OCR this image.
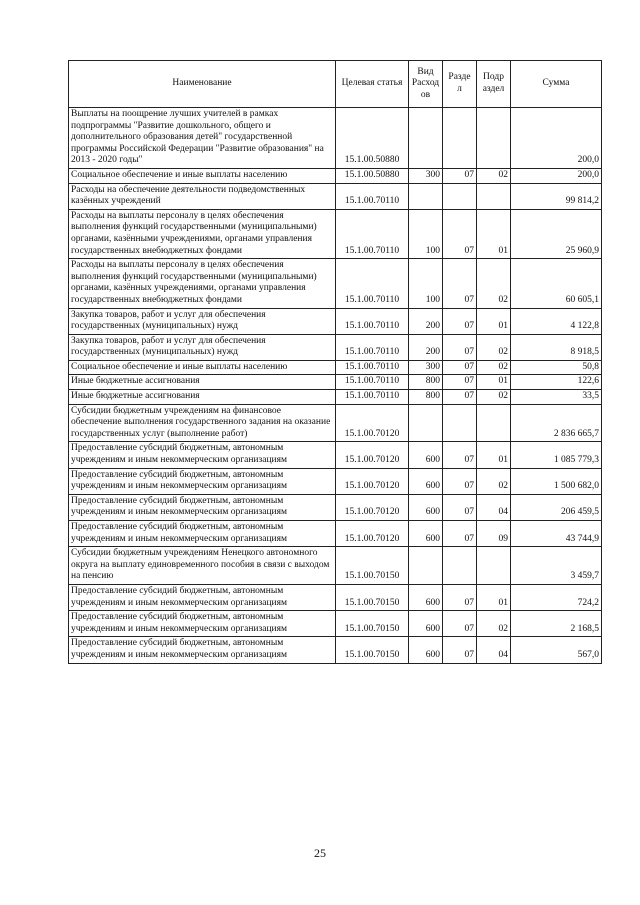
Наименование	Целевая статья	Вид Расход ов	Разде л	Подр аздел	Сумма
Выплаты на поощрение лучших учителей в рамках подпрограммы "Развитие дошкольного, общего и дополнительного образования детей" государственной программы Российской Федерации "Развитие образования" на 2013 - 2020 годы"	15.1.00.50880				200,0
Социальное обеспечение и иные выплаты населению	15.1.00.50880	300	07	02	200,0
Расходы на обеспечение деятельности подведомственных казённых учреждений	15.1.00.70110				99 814,2
Расходы на выплаты персоналу в целях обеспечения выполнения функций государственными (муниципальными) органами, казёнными учреждениями, органами управления государственных внебюджетных фондами	15.1.00.70110	100	07	01	25 960,9
Расходы на выплаты персоналу в целях обеспечения выполнения функций государственными (муниципальными) органами, казённых учреждениями, органами управления государственных внебюджетных фондами	15.1.00.70110	100	07	02	60 605,1
Закупка товаров, работ и услуг для обеспечения государственных (муниципальных) нужд	15.1.00.70110	200	07	01	4 122,8
Закупка товаров, работ и услуг для обеспечения государственных (муниципальных) нужд	15.1.00.70110	200	07	02	8 918,5
Социальное обеспечение и иные выплаты населению	15.1.00.70110	300	07	02	50,8
Иные бюджетные ассигнования	15.1.00.70110	800	07	01	122,6
Иные бюджетные ассигнования	15.1.00.70110	800	07	02	33,5
Субсидии бюджетным учреждениям на финансовое обеспечение выполнения государственного задания на оказание государственных услуг (выполнение работ)	15.1.00.70120				2 836 665,7
Предоставление субсидий бюджетным, автономным учреждениям и иным некоммерческим организациям	15.1.00.70120	600	07	01	1 085 779,3
Предоставление субсидий бюджетным, автономным учреждениям и иным некоммерческим организациям	15.1.00.70120	600	07	02	1 500 682,0
Предоставление субсидий бюджетным, автономным учреждениям и иным некоммерческим организациям	15.1.00.70120	600	07	04	206 459,5
Предоставление субсидий бюджетным, автономным учреждениям и иным некоммерческим организациям	15.1.00.70120	600	07	09	43 744,9
Субсидии бюджетным учреждениям Ненецкого автономного округа на выплату единовременного пособия в связи с выходом на пенсию	15.1.00.70150				3 459,7
Предоставление субсидий бюджетным, автономным учреждениям и иным некоммерческим организациям	15.1.00.70150	600	07	01	724,2
Предоставление субсидий бюджетным, автономным учреждениям и иным некоммерческим организациям	15.1.00.70150	600	07	02	2 168,5
Предоставление субсидий бюджетным, автономным учреждениям и иным некоммерческим организациям	15.1.00.70150	600	07	04	567,0
25
